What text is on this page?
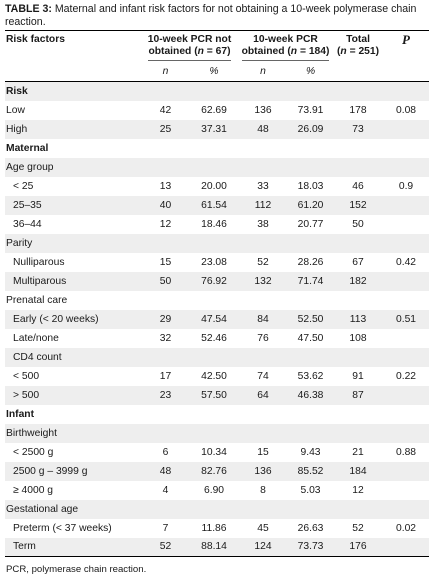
TABLE 3: Maternal and infant risk factors for not obtaining a 10-week polymerase chain reaction.

Risk factors	10-week PCR not
obtained (n = 67)		10-week PCR
obtained (n = 184)		Total
(n = 251)	P
	n	%	n	%		
Risk						
Low	42	62.69	136	73.91	178	0.08
High	25	37.31	48	26.09	73	
Maternal						
Age group						
< 25	13	20.00	33	18.03	46	0.9
25–35	40	61.54	112	61.20	152	
36–44	12	18.46	38	20.77	50	
Parity						
Nulliparous	15	23.08	52	28.26	67	0.42
Multiparous	50	76.92	132	71.74	182	
Prenatal care						
Early (< 20 weeks)	29	47.54	84	52.50	113	0.51
Late/none	32	52.46	76	47.50	108	
CD4 count						
< 500	17	42.50	74	53.62	91	0.22
> 500	23	57.50	64	46.38	87	
Infant						
Birthweight						
< 2500 g	6	10.34	15	9.43	21	0.88
2500 g – 3999 g	48	82.76	136	85.52	184	
≥ 4000 g	4	6.90	8	5.03	12	
Gestational age						
Preterm (< 37 weeks)	7	11.86	45	26.63	52	0.02
Term	52	88.14	124	73.73	176	
PCR, polymerase chain reaction.
